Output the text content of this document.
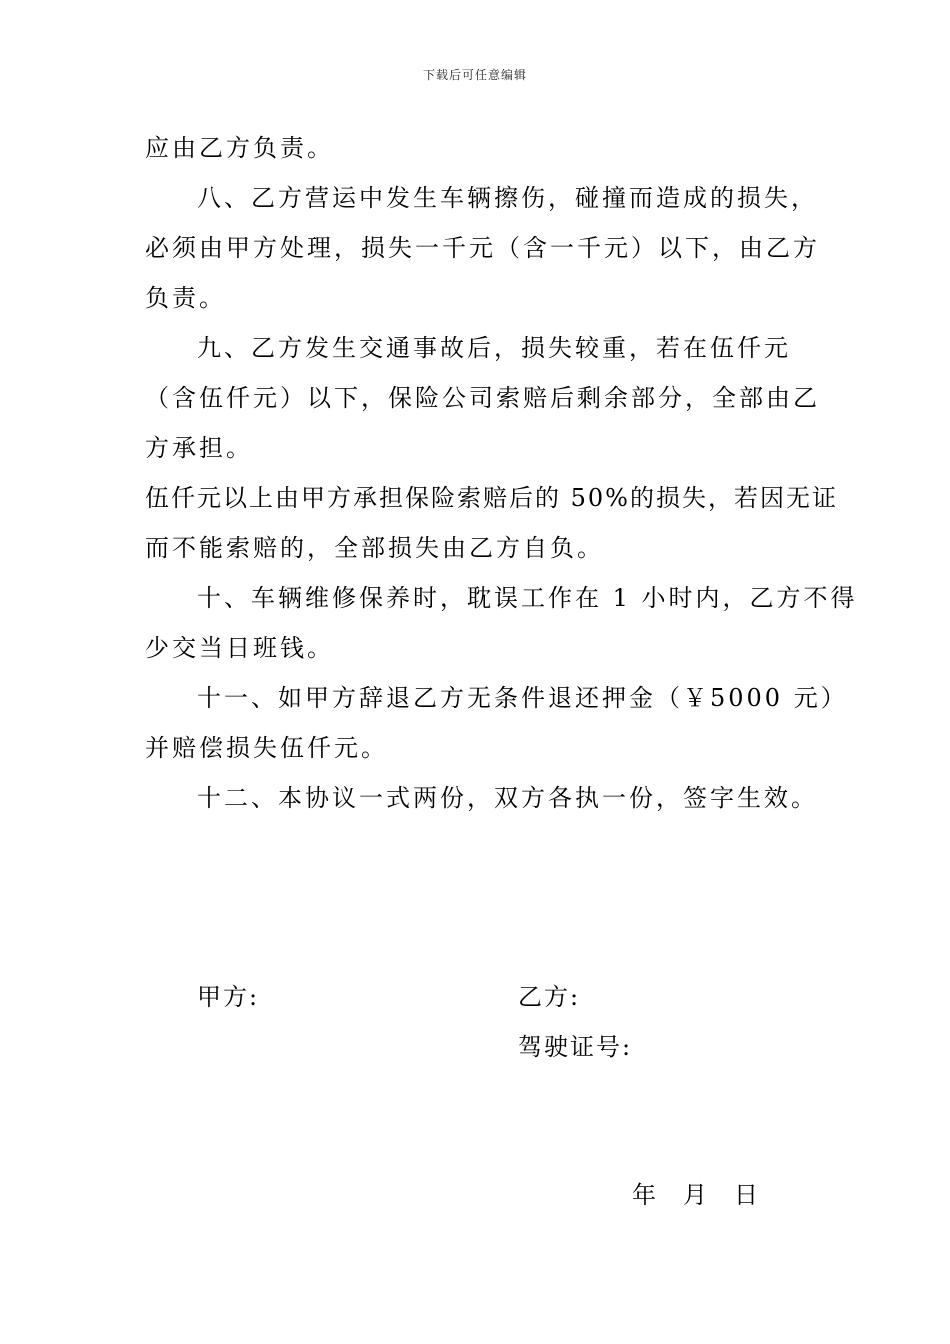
下载后可任意编辑
应由乙方负责。
八、乙方营运中发生车辆擦伤，碰撞而造成的损失，
必须由甲方处理，损失一千元（含一千元）以下，由乙方
负责。
九、乙方发生交通事故后，损失较重，若在伍仟元
（含伍仟元）以下，保险公司索赔后剩余部分，全部由乙
方承担。
伍仟元以上由甲方承担保险索赔后的 50%的损失，若因无证
而不能索赔的，全部损失由乙方自负。
十、车辆维修保养时，耽误工作在 1 小时内，乙方不得
少交当日班钱。
十一、如甲方辞退乙方无条件退还押金（￥5000 元）
并赔偿损失伍仟元。
十二、本协议一式两份，双方各执一份，签字生效。
甲方:	乙方:
驾驶证号:
年 月 日
